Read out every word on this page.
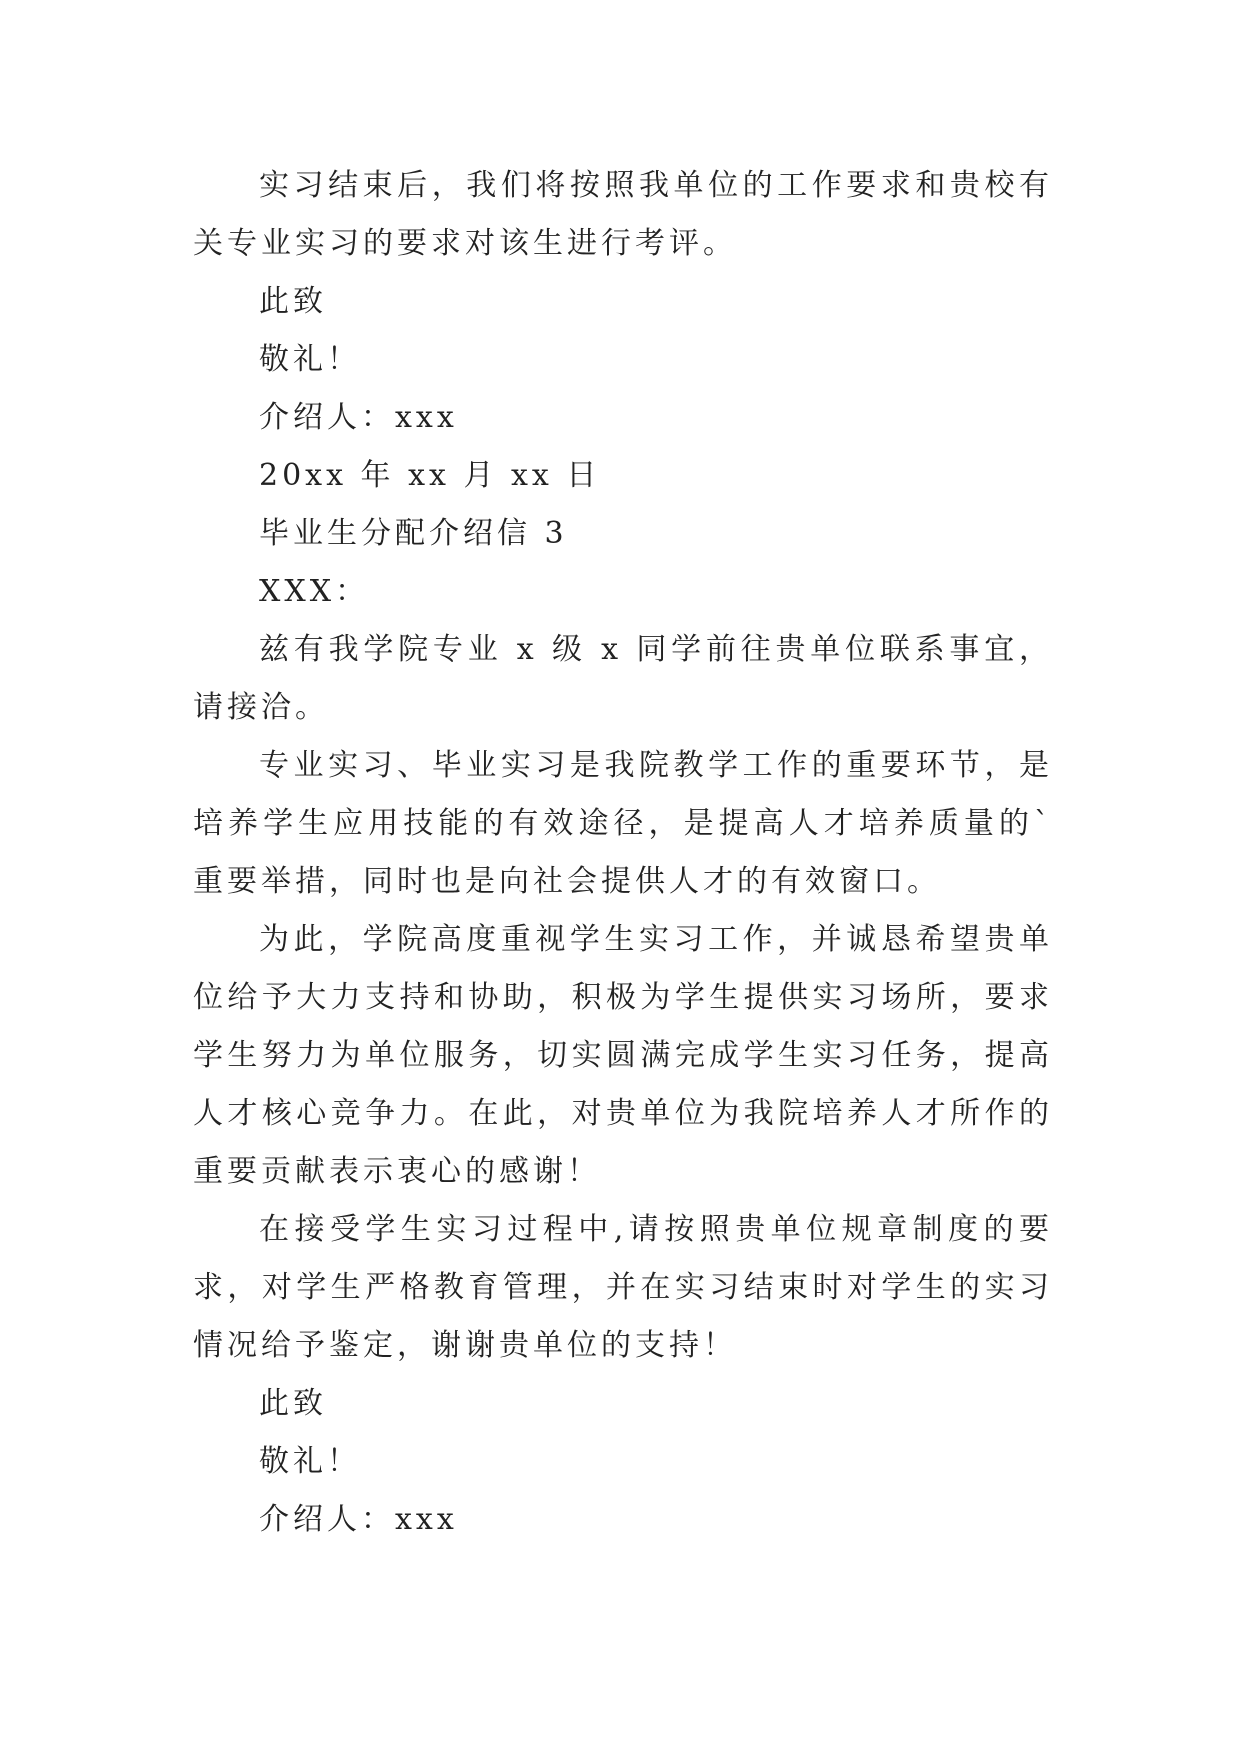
实习结束后，我们将按照我单位的工作要求和贵校有关专业实习的要求对该生进行考评。

此致

敬礼！

介绍人：xxx

20xx 年 xx 月 xx 日

毕业生分配介绍信 3

XXX：

兹有我学院专业 x 级 x 同学前往贵单位联系事宜，请接洽。

专业实习、毕业实习是我院教学工作的重要环节，是培养学生应用技能的有效途径，是提高人才培养质量的`重要举措，同时也是向社会提供人才的有效窗口。

为此，学院高度重视学生实习工作，并诚恳希望贵单位给予大力支持和协助，积极为学生提供实习场所，要求学生努力为单位服务，切实圆满完成学生实习任务，提高人才核心竞争力。在此，对贵单位为我院培养人才所作的重要贡献表示衷心的感谢！

在接受学生实习过程中,请按照贵单位规章制度的要求，对学生严格教育管理，并在实习结束时对学生的实习情况给予鉴定，谢谢贵单位的支持！

此致

敬礼！

介绍人：xxx
